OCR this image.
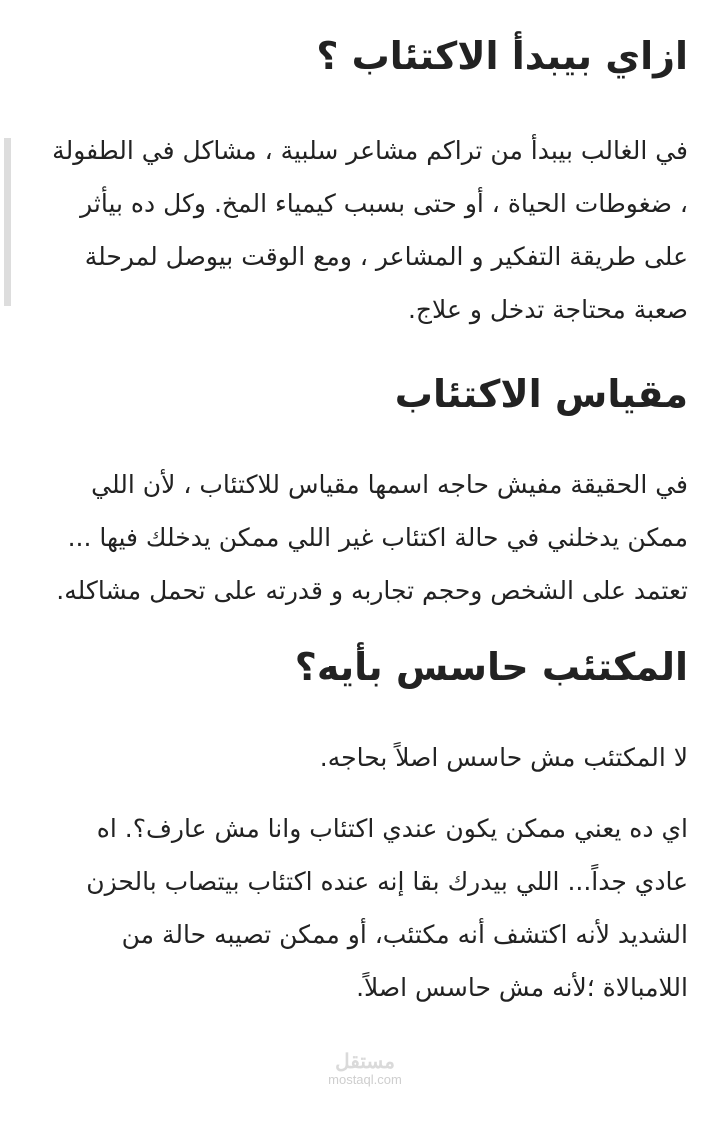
ازاي بيبدأ الاكتئاب ؟

في الغالب بيبدأ من تراكم مشاعر سلبية ، مشاكل في الطفولة ، ضغوطات الحياة ، أو حتى بسبب كيمياء المخ. وكل ده بيأثر على طريقة التفكير و المشاعر ، ومع الوقت بيوصل لمرحلة صعبة محتاجة تدخل و علاج.

مقياس الاكتئاب

في الحقيقة مفيش حاجه اسمها مقياس للاكتئاب ، لأن اللي ممكن يدخلني في حالة اكتئاب غير اللي ممكن يدخلك فيها ... تعتمد على الشخص وحجم تجاربه و قدرته على تحمل مشاكله.

المكتئب حاسس بأيه؟

لا المكتئب مش حاسس اصلاً بحاجه.

اي ده يعني ممكن يكون عندي اكتئاب وانا مش عارف؟. اه عادي جداً... اللي بيدرك بقا إنه عنده اكتئاب بيتصاب بالحزن الشديد لأنه اكتشف أنه مكتئب، أو ممكن تصيبه حالة من اللامبالاة ؛لأنه مش حاسس اصلاً.

مستقل
mostaql.com
